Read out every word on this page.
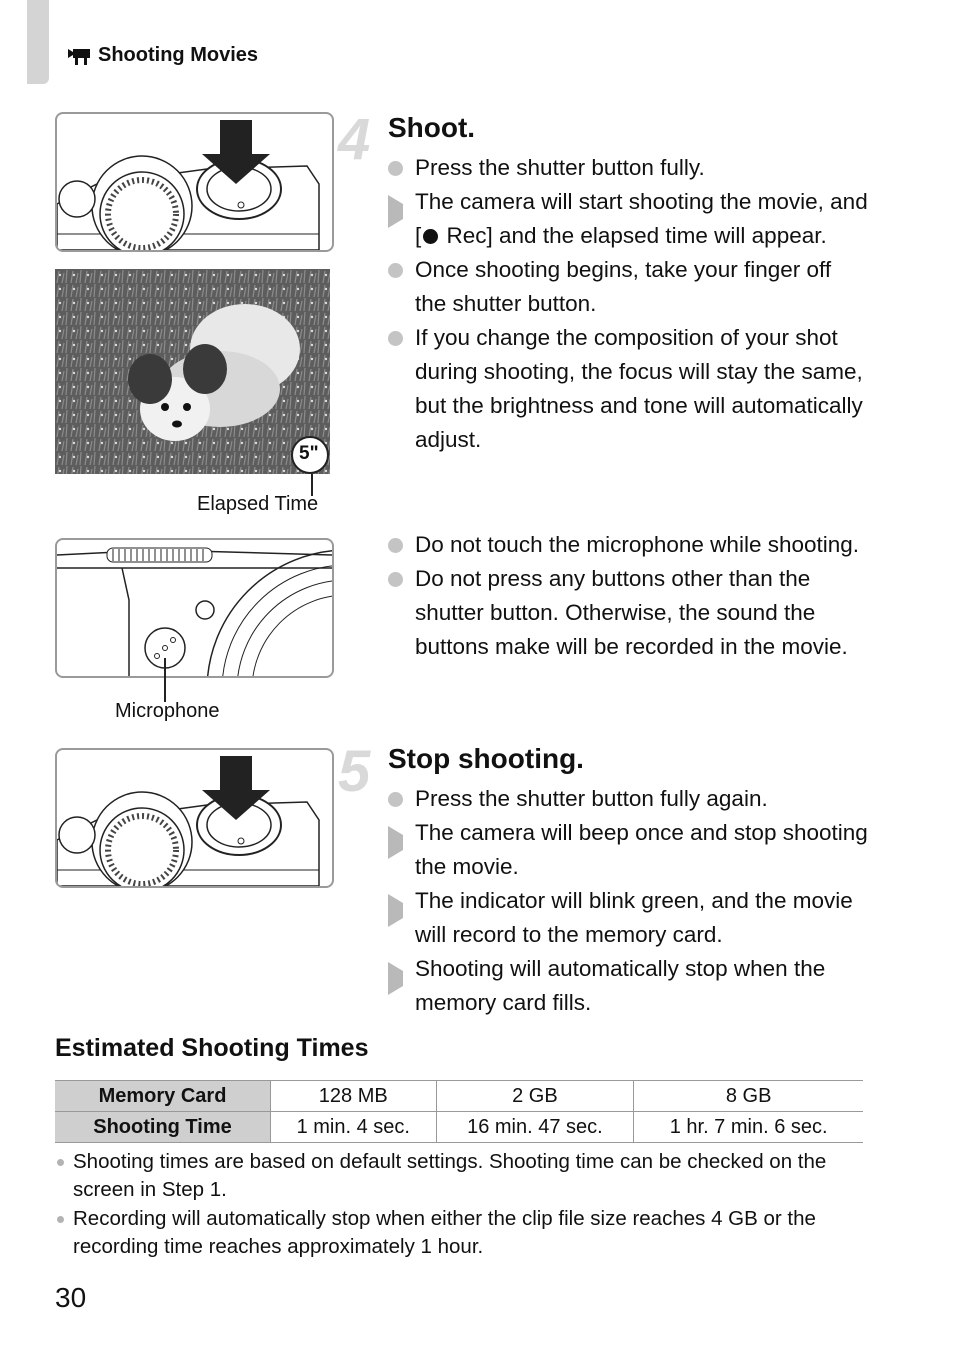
Shooting Movies
5"
Elapsed Time
Microphone
4 Shoot.
Press the shutter button fully.
The camera will start shooting the movie, and [ Rec] and the elapsed time will appear.
Once shooting begins, take your finger off the shutter button.
If you change the composition of your shot during shooting, the focus will stay the same, but the brightness and tone will automatically adjust.
Do not touch the microphone while shooting.
Do not press any buttons other than the shutter button. Otherwise, the sound the buttons make will be recorded in the movie.
5 Stop shooting.
Press the shutter button fully again.
The camera will beep once and stop shooting the movie.
The indicator will blink green, and the movie will record to the memory card.
Shooting will automatically stop when the memory card fills.
Estimated Shooting Times
Memory Card	128 MB	2 GB	8 GB
Shooting Time	1 min. 4 sec.	16 min. 47 sec.	1 hr. 7 min. 6 sec.
Shooting times are based on default settings. Shooting time can be checked on the screen in Step 1.
Recording will automatically stop when either the clip file size reaches 4 GB or the recording time reaches approximately 1 hour.
30
